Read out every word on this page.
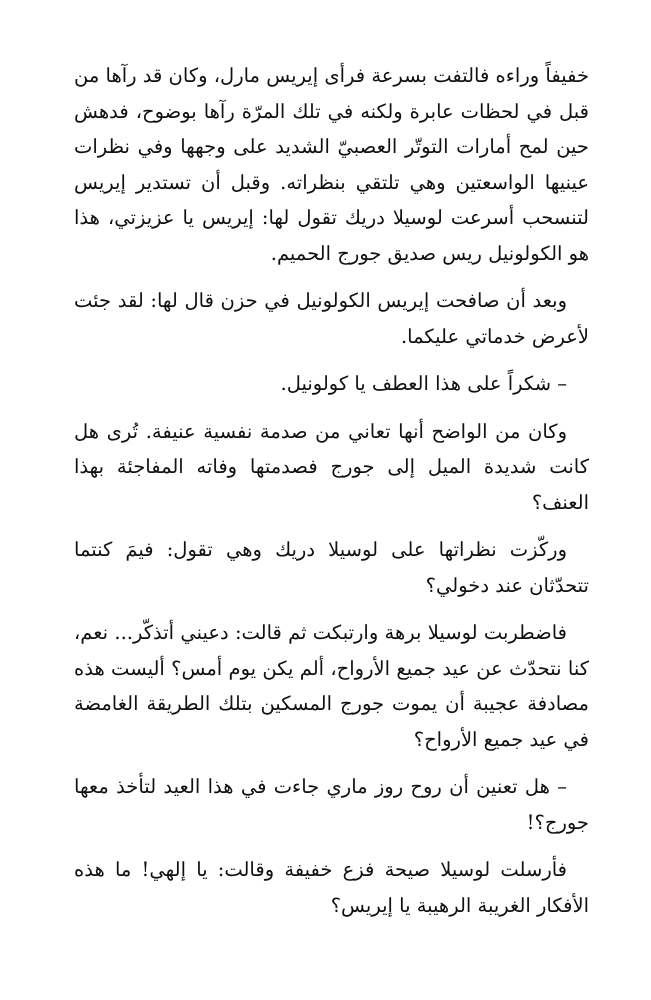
خفيفاً وراءه فالتفت بسرعة فرأى إيريس مارل، وكان قد رآها من قبل في لحظات عابرة ولكنه في تلك المرّة رآها بوضوح، فدهش حين لمح أمارات التوتّر العصبيّ الشديد على وجهها وفي نظرات عينيها الواسعتين وهي تلتقي بنظراته. وقبل أن تستدير إيريس لتنسحب أسرعت لوسيلا دريك تقول لها: إيريس يا عزيزتي، هذا هو الكولونيل ريس صديق جورج الحميم.

وبعد أن صافحت إيريس الكولونيل في حزن قال لها: لقد جئت لأعرض خدماتي عليكما.

– شكراً على هذا العطف يا كولونيل.

وكان من الواضح أنها تعاني من صدمة نفسية عنيفة. تُرى هل كانت شديدة الميل إلى جورج فصدمتها وفاته المفاجئة بهذا العنف؟

وركّزت نظراتها على لوسيلا دريك وهي تقول: فيمَ كنتما تتحدّثان عند دخولي؟

فاضطربت لوسيلا برهة وارتبكت ثم قالت: دعيني أتذكّر... نعم، كنا نتحدّث عن عيد جميع الأرواح، ألم يكن يوم أمس؟ أليست هذه مصادفة عجيبة أن يموت جورج المسكين بتلك الطريقة الغامضة في عيد جميع الأرواح؟

– هل تعنين أن روح روز ماري جاءت في هذا العيد لتأخذ معها جورج؟!

فأرسلت لوسيلا صيحة فزع خفيفة وقالت: يا إلهي! ما هذه الأفكار الغريبة الرهيبة يا إيريس؟
